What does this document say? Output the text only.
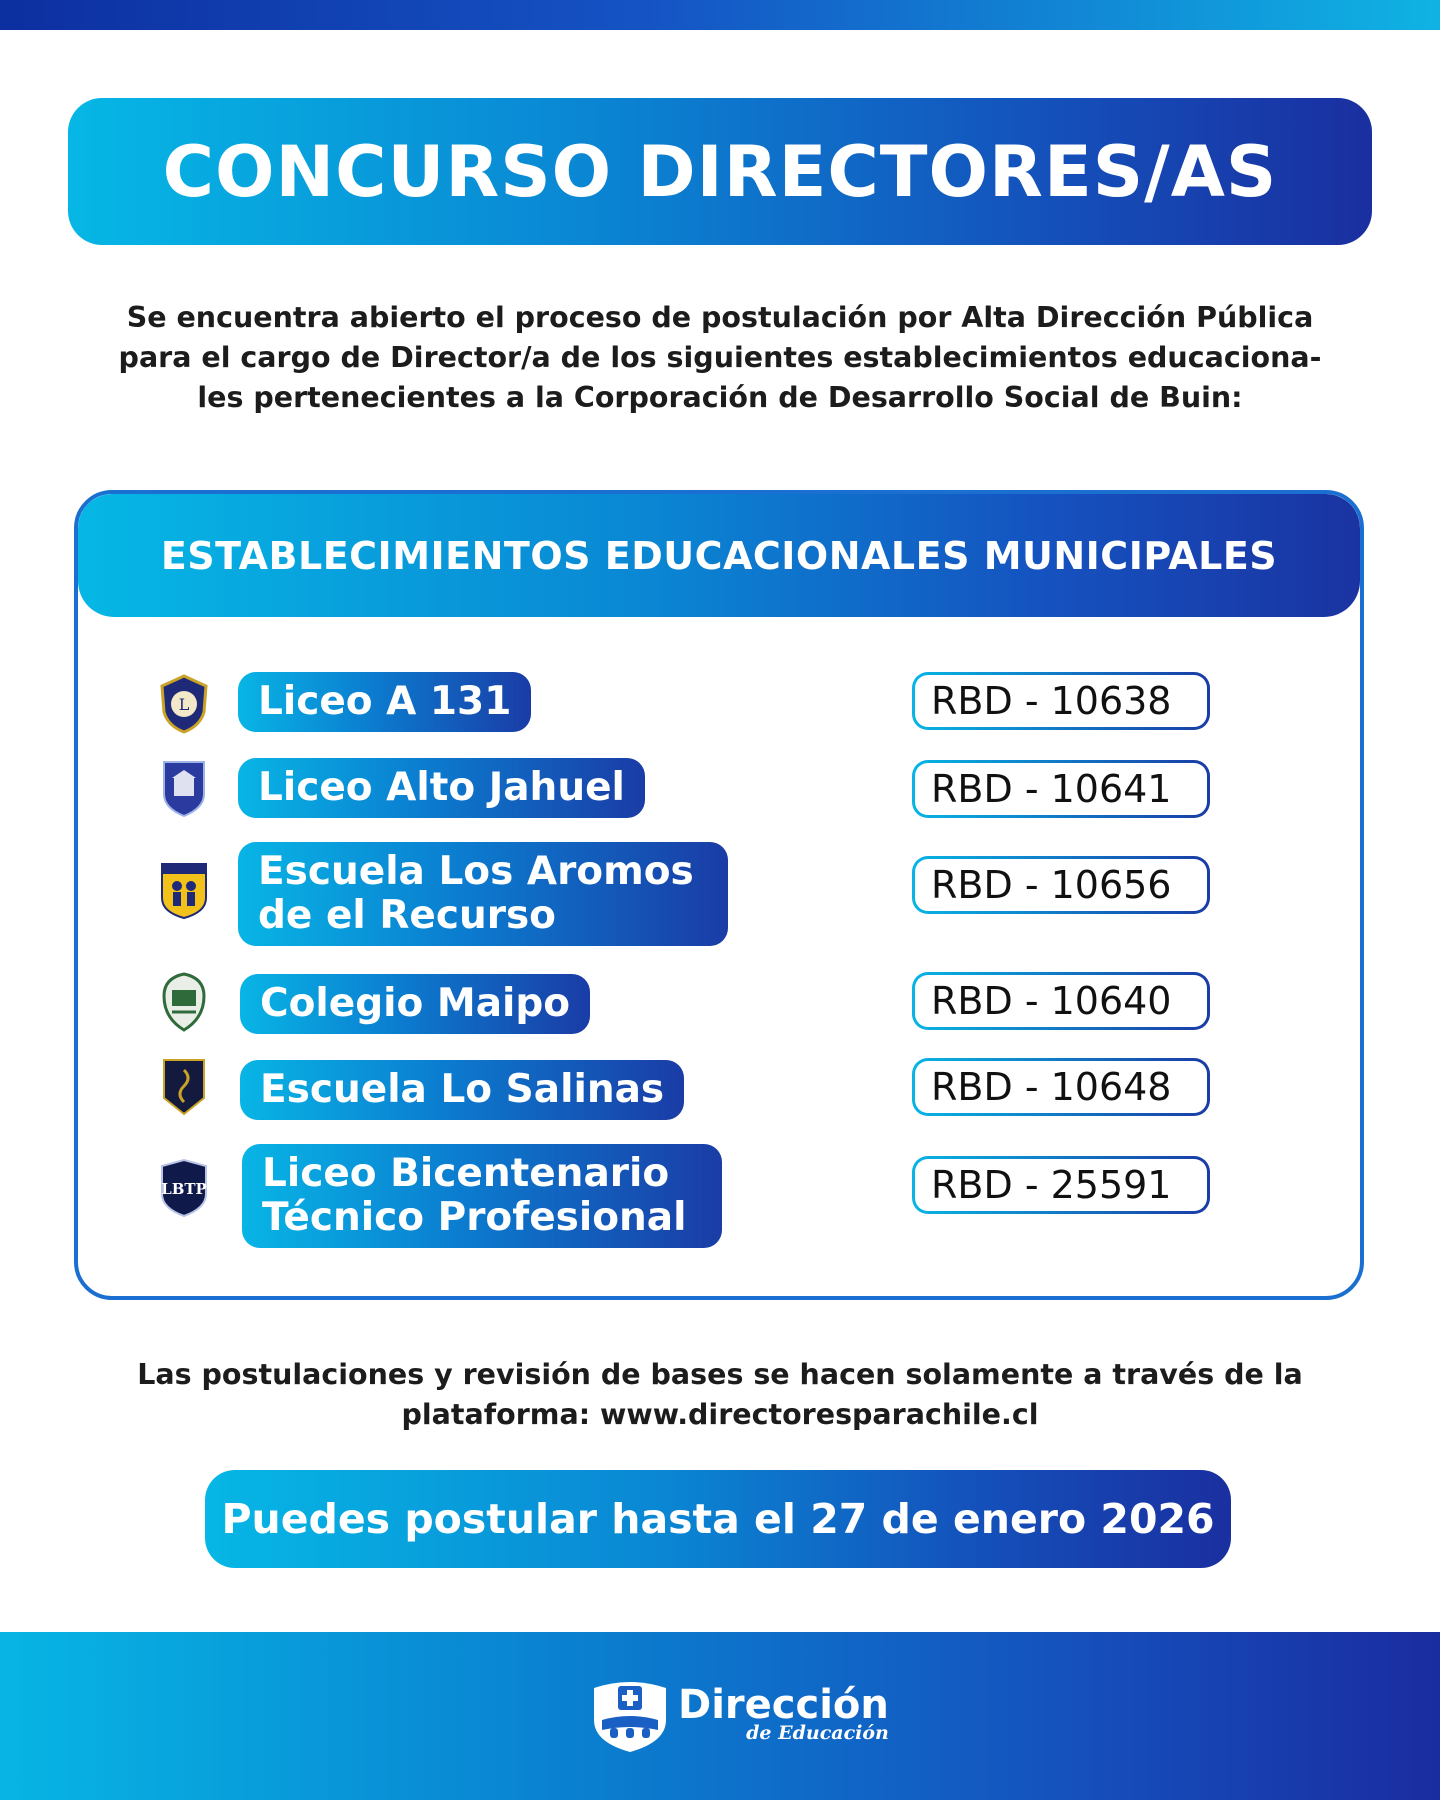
CONCURSO DIRECTORES/AS
Se encuentra abierto el proceso de postulación por Alta Dirección Pública
para el cargo de Director/a de los siguientes establecimientos educaciona-
les pertenecientes a la Corporación de Desarrollo Social de Buin:
ESTABLECIMIENTOS EDUCACIONALES MUNICIPALES
L Liceo A 131	RBD - 10638
Liceo Alto Jahuel	RBD - 10641
Escuela Los Aromos
de el Recurso
RBD - 10656
Colegio Maipo	RBD - 10640
Escuela Lo Salinas	RBD - 10648
LBTP Liceo Bicentenario
Técnico Profesional
RBD - 25591
Las postulaciones y revisión de bases se hacen solamente a través de la
plataforma: www.directoresparachile.cl
Puedes postular hasta el 27 de enero 2026
Dirección
de Educación
